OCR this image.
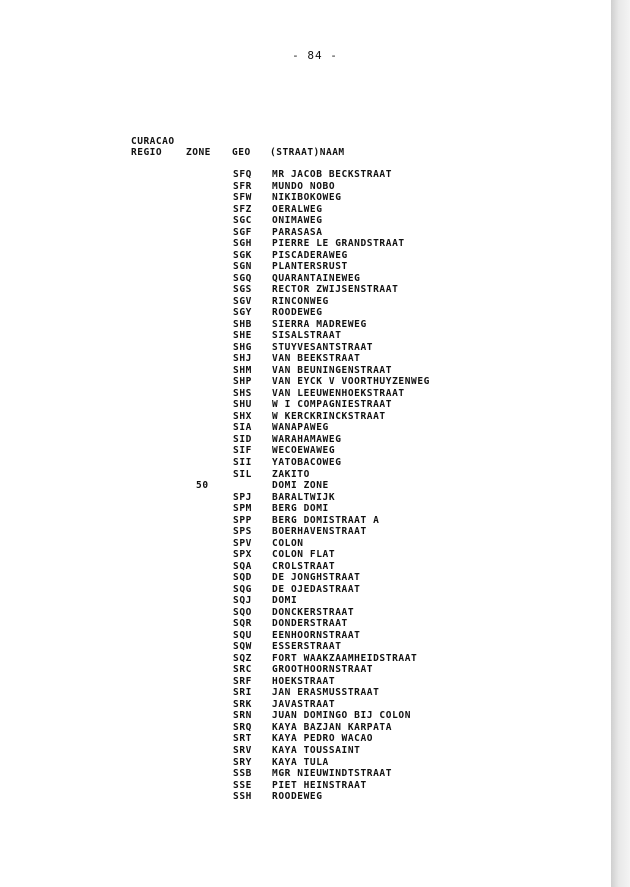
- 84 -
CURACAO
REGIO	ZONE GEO (STRAAT)NAAM
SFQ MR JACOB BECKSTRAAT
SFR MUNDO NOBO
SFW NIKIBOKOWEG
SFZ OERALWEG
SGC ONIMAWEG
SGF PARASASA
SGH PIERRE LE GRANDSTRAAT
SGK PISCADERAWEG
SGN PLANTERSRUST
SGQ QUARANTAINEWEG
SGS RECTOR ZWIJSENSTRAAT
SGV RINCONWEG
SGY ROODEWEG
SHB SIERRA MADREWEG
SHE SISALSTRAAT
SHG STUYVESANTSTRAAT
SHJ VAN BEEKSTRAAT
SHM VAN BEUNINGENSTRAAT
SHP VAN EYCK V VOORTHUYZENWEG
SHS VAN LEEUWENHOEKSTRAAT
SHU W I COMPAGNIESTRAAT
SHX W KERCKRINCKSTRAAT
SIA WANAPAWEG
SID WARAHAMAWEG
SIF WECOEWAWEG
SII YATOBACOWEG
SIL ZAKITO
50	DOMI ZONE
SPJ BARALTWIJK
SPM BERG DOMI
SPP BERG DOMISTRAAT A
SPS BOERHAVENSTRAAT
SPV COLON
SPX COLON FLAT
SQA CROLSTRAAT
SQD DE JONGHSTRAAT
SQG DE OJEDASTRAAT
SQJ DOMI
SQO DONCKERSTRAAT
SQR DONDERSTRAAT
SQU EENHOORNSTRAAT
SQW ESSERSTRAAT
SQZ FORT WAAKZAAMHEIDSTRAAT
SRC GROOTHOORNSTRAAT
SRF HOEKSTRAAT
SRI JAN ERASMUSSTRAAT
SRK JAVASTRAAT
SRN JUAN DOMINGO BIJ COLON
SRQ KAYA BAZJAN KARPATA
SRT KAYA PEDRO WACAO
SRV KAYA TOUSSAINT
SRY KAYA TULA
SSB MGR NIEUWINDTSTRAAT
SSE PIET HEINSTRAAT
SSH ROODEWEG
